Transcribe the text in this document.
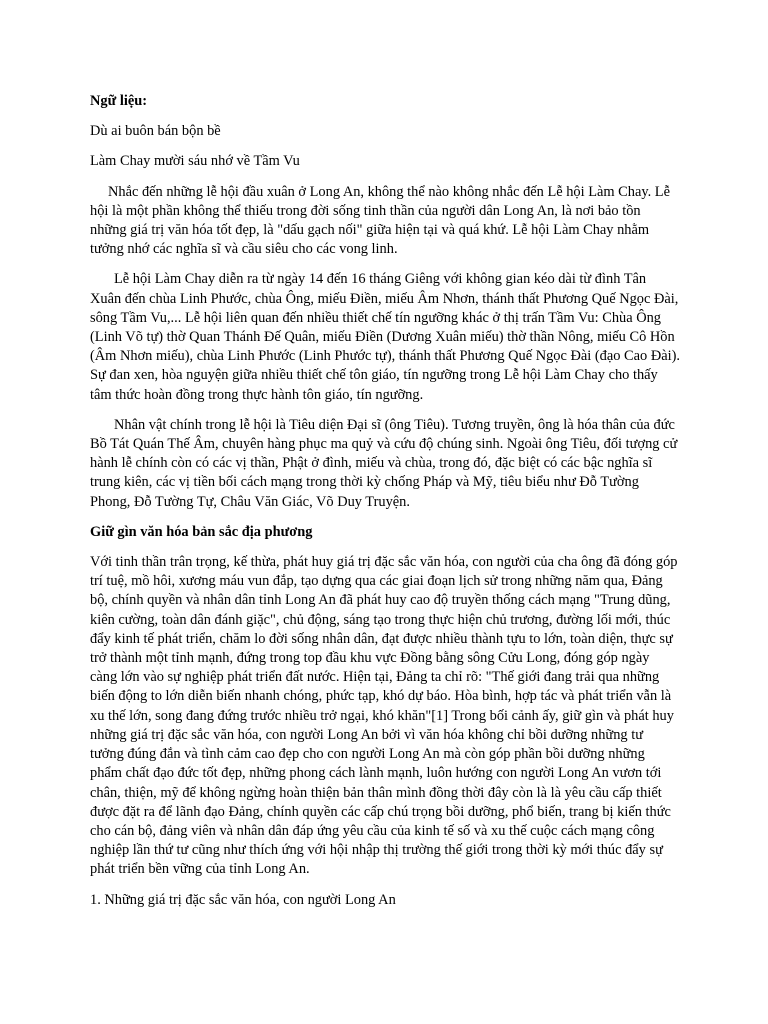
Ngữ liệu:

Dù ai buôn bán bộn bề

Làm Chay mười sáu nhớ về Tầm Vu

Nhắc đến những lễ hội đầu xuân ở Long An, không thể nào không nhắc đến Lễ hội Làm Chay. Lễ hội là một phần không thể thiếu trong đời sống tinh thần của người dân Long An, là nơi bảo tồn những giá trị văn hóa tốt đẹp, là "dấu gạch nối" giữa hiện tại và quá khứ. Lễ hội Làm Chay nhằm tưởng nhớ các nghĩa sĩ và cầu siêu cho các vong linh.

Lễ hội Làm Chay diễn ra từ ngày 14 đến 16 tháng Giêng với không gian kéo dài từ đình Tân Xuân đến chùa Linh Phước, chùa Ông, miếu Điền, miếu Âm Nhơn, thánh thất Phương Quế Ngọc Đài, sông Tầm Vu,... Lễ hội liên quan đến nhiều thiết chế tín ngưỡng khác ở thị trấn Tầm Vu: Chùa Ông (Linh Võ tự) thờ Quan Thánh Đế Quân, miếu Điền (Dương Xuân miếu) thờ thần Nông, miếu Cô Hồn (Âm Nhơn miếu), chùa Linh Phước (Linh Phước tự), thánh thất Phương Quế Ngọc Đài (đạo Cao Đài). Sự đan xen, hòa nguyện giữa nhiều thiết chế tôn giáo, tín ngưỡng trong Lễ hội Làm Chay cho thấy tâm thức hoàn đồng trong thực hành tôn giáo, tín ngưỡng.

Nhân vật chính trong lễ hội là Tiêu diện Đại sĩ (ông Tiêu). Tương truyền, ông là hóa thân của đức Bồ Tát Quán Thế Âm, chuyên hàng phục ma quỷ và cứu độ chúng sinh. Ngoài ông Tiêu, đối tượng cử hành lễ chính còn có các vị thần, Phật ở đình, miếu và chùa, trong đó, đặc biệt có các bậc nghĩa sĩ trung kiên, các vị tiền bối cách mạng trong thời kỳ chống Pháp và Mỹ, tiêu biểu như Đỗ Tường Phong, Đỗ Tường Tự, Châu Văn Giác, Võ Duy Truyện.

Giữ gìn văn hóa bản sắc địa phương

Với tinh thần trân trọng, kế thừa, phát huy giá trị đặc sắc văn hóa, con người của cha ông đã đóng góp trí tuệ, mồ hôi, xương máu vun đắp, tạo dựng qua các giai đoạn lịch sử trong những năm qua, Đảng bộ, chính quyền và nhân dân tỉnh Long An đã phát huy cao độ truyền thống cách mạng "Trung dũng, kiên cường, toàn dân đánh giặc", chủ động, sáng tạo trong thực hiện chủ trương, đường lối mới, thúc đẩy kinh tế phát triển, chăm lo đời sống nhân dân, đạt được nhiều thành tựu to lớn, toàn diện, thực sự trở thành một tỉnh mạnh, đứng trong top đầu khu vực Đồng bằng sông Cửu Long, đóng góp ngày càng lớn vào sự nghiệp phát triển đất nước. Hiện tại, Đảng ta chỉ rõ: "Thế giới đang trải qua những biến động to lớn diễn biến nhanh chóng, phức tạp, khó dự báo. Hòa bình, hợp tác và phát triển vẫn là xu thế lớn, song đang đứng trước nhiều trở ngại, khó khăn"[1] Trong bối cảnh ấy, giữ gìn và phát huy những giá trị đặc sắc văn hóa, con người Long An bởi vì văn hóa không chỉ bồi dưỡng những tư tưởng đúng đắn và tình cảm cao đẹp cho con người Long An mà còn góp phần bồi dưỡng những phẩm chất đạo đức tốt đẹp, những phong cách lành mạnh, luôn hướng con người Long An vươn tới chân, thiện, mỹ để không ngừng hoàn thiện bản thân mình đồng thời đây còn là là yêu cầu cấp thiết được đặt ra để lãnh đạo Đảng, chính quyền các cấp chú trọng bồi dưỡng, phổ biến, trang bị kiến thức cho cán bộ, đảng viên và nhân dân đáp ứng yêu cầu của kinh tế số và xu thế cuộc cách mạng công nghiệp lần thứ tư cũng như thích ứng với hội nhập thị trường thế giới trong thời kỳ mới thúc đẩy sự phát triển bền vững của tỉnh Long An.

1. Những giá trị đặc sắc văn hóa, con người Long An
